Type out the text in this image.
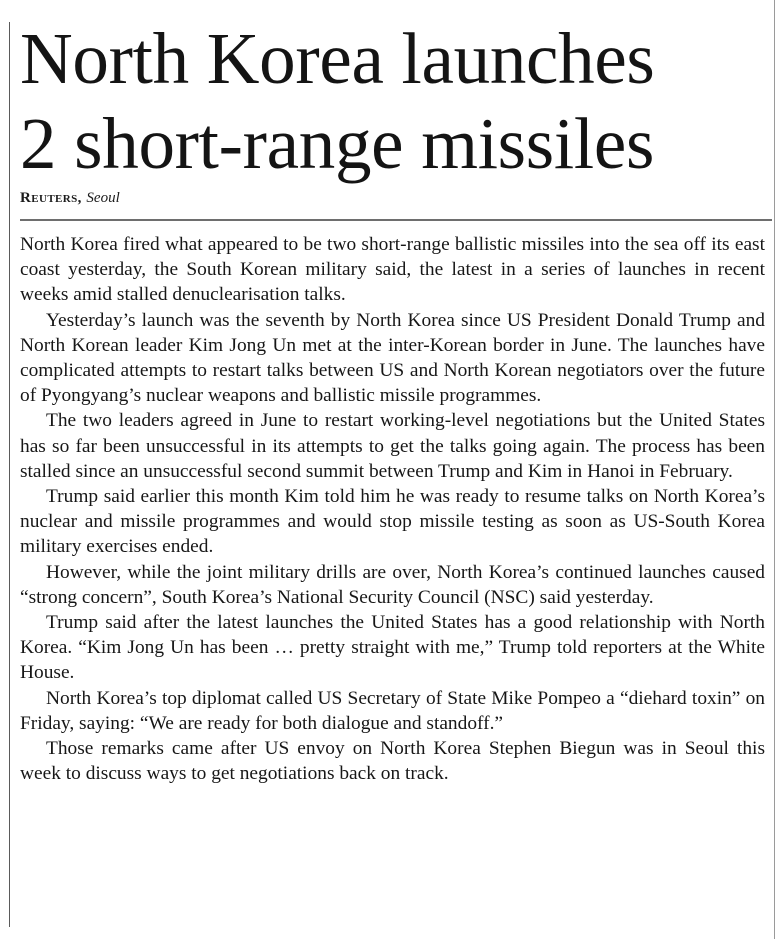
North Korea launches
2 short-range missiles
Reuters, Seoul

North Korea fired what appeared to be two short-range ballistic missiles into the sea off its east coast yesterday, the South Korean military said, the latest in a series of launches in recent weeks amid stalled denuclearisation talks.

Yesterday’s launch was the seventh by North Korea since US President Donald Trump and North Korean leader Kim Jong Un met at the inter-Korean border in June. The launches have complicated attempts to restart talks between US and North Korean negotiators over the future of Pyongyang’s nuclear weapons and ballistic missile programmes.

The two leaders agreed in June to restart working-level negotiations but the United States has so far been unsuccessful in its attempts to get the talks going again. The process has been stalled since an unsuccessful second summit between Trump and Kim in Hanoi in February.

Trump said earlier this month Kim told him he was ready to resume talks on North Korea’s nuclear and missile programmes and would stop missile testing as soon as US-South Korea military exercises ended.

However, while the joint military drills are over, North Korea’s continued launches caused “strong concern”, South Korea’s National Security Council (NSC) said yesterday.

Trump said after the latest launches the United States has a good relationship with North Korea. “Kim Jong Un has been … pretty straight with me,” Trump told reporters at the White House.

North Korea’s top diplomat called US Secretary of State Mike Pompeo a “diehard toxin” on Friday, saying: “We are ready for both dialogue and standoff.”

Those remarks came after US envoy on North Korea Stephen Biegun was in Seoul this week to discuss ways to get negotiations back on track.
